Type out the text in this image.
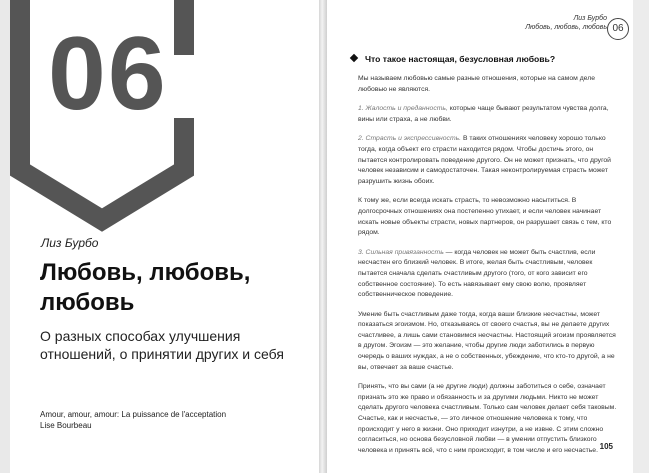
06
Лиз Бурбо
Любовь, любовь, любовь
О разных способах улучшения отношений, о принятии других и себя
Amour, amour, amour: La puissance de l'acceptation
Lise Bourbeau
Лиз Бурбо
Любовь, любовь, любовь 06
Что такое настоящая, безусловная любовь?

Мы называем любовью самые разные отношения, которые на самом деле любовью не являются.

1. Жалость и преданность, которые чаще бывают результатом чувства долга, вины или страха, а не любви.

2. Страсть и экспрессивность. В таких отношениях человеку хорошо только тогда, когда объект его страсти находится рядом. Чтобы достичь этого, он пытается контролировать поведение другого. Он не может признать, что другой человек независим и самодостаточен. Такая неконтролируемая страсть может разрушить жизнь обоих.

К тому же, если всегда искать страсть, то невозможно насытиться. В долгосрочных отношениях она постепенно утихает, и если человек начинает искать новые объекты страсти, новых партнеров, он разрушает связь с тем, кто рядом.

3. Сильная привязанность — когда человек не может быть счастлив, если несчастен его близкий человек. В итоге, желая быть счастливым, человек пытается сначала сделать счастливым другого (того, от кого зависит его собственное состояние). То есть навязывает ему свою волю, проявляет собственническое поведение.

Умение быть счастливым даже тогда, когда ваши близкие несчастны, может показаться эгоизмом. Но, отказываясь от своего счастья, вы не делаете других счастливее, а лишь сами становимся несчастны. Настоящий эгоизм проявляется в другом. Эгоизм — это желание, чтобы другие люди заботились в первую очередь о ваших нуждах, а не о собственных, убеждение, что кто-то другой, а не вы, отвечает за ваше счастье.

Принять, что вы сами (а не другие люди) должны заботиться о себе, означает признать это же право и обязанность и за другими людьми. Никто не может сделать другого человека счастливым. Только сам человек делает себя таковым. Счастье, как и несчастье, — это личное отношение человека к тому, что происходит у него в жизни. Оно приходит изнутри, а не извне. С этим сложно согласиться, но основа безусловной любви — в умении отпустить близкого человека и принять всё, что с ним происходит, в том числе и его несчастье. 105
